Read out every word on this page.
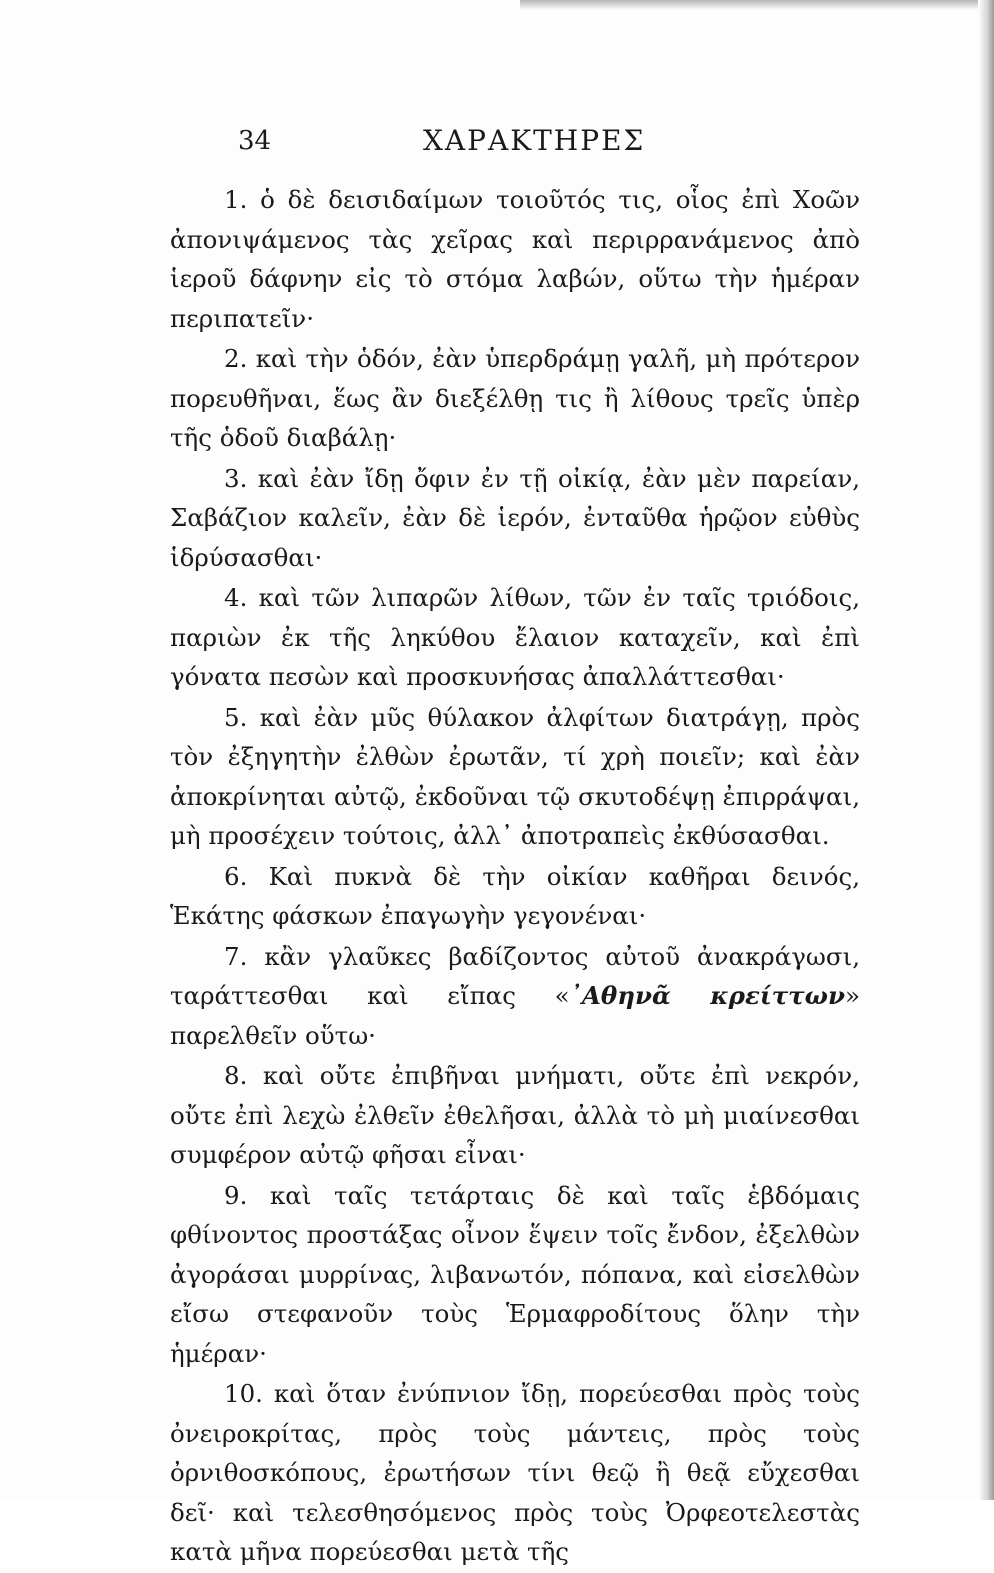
34	ΧΑΡΑΚΤΗΡΕΣ

1. ὁ δὲ δεισιδαίμων τοιοῦτός τις, οἷος ἐπὶ Χοῶν ἀπονιψάμενος τὰς χεῖρας καὶ περιρρανάμενος ἀπὸ ἱεροῦ δάφνην εἰς τὸ στόμα λαβών, οὕτω τὴν ἡμέραν περιπατεῖν·

2. καὶ τὴν ὁδόν, ἐὰν ὑπερδράμῃ γαλῆ, μὴ πρότερον πορευθῆναι, ἕως ἂν διεξέλθῃ τις ἢ λίθους τρεῖς ὑπὲρ τῆς ὁδοῦ διαβάλῃ·

3. καὶ ἐὰν ἴδῃ ὄφιν ἐν τῇ οἰκίᾳ, ἐὰν μὲν παρείαν, Σαβάζιον καλεῖν, ἐὰν δὲ ἱερόν, ἐνταῦθα ἡρῷον εὐθὺς ἱδρύσασθαι·

4. καὶ τῶν λιπαρῶν λίθων, τῶν ἐν ταῖς τριόδοις, παριὼν ἐκ τῆς ληκύθου ἔλαιον καταχεῖν, καὶ ἐπὶ γόνατα πεσὼν καὶ προσκυνήσας ἀπαλλάττεσθαι·

5. καὶ ἐὰν μῦς θύλακον ἀλφίτων διατράγῃ, πρὸς τὸν ἐξηγητὴν ἐλθὼν ἐρωτᾶν, τί χρὴ ποιεῖν; καὶ ἐὰν ἀποκρίνηται αὐτῷ, ἐκδοῦναι τῷ σκυτοδέψῃ ἐπιρράψαι, μὴ προσέχειν τούτοις, ἀλλ᾽ ἀποτραπεὶς ἐκθύσασθαι.

6. Καὶ πυκνὰ δὲ τὴν οἰκίαν καθῆραι δεινός, Ἑκάτης φάσκων ἐπαγωγὴν γεγονέναι·

7. κἂν γλαῦκες βαδίζοντος αὐτοῦ ἀνακράγωσι, ταράττεσθαι καὶ εἴπας «᾿Αθηνᾶ κρείττων» παρελθεῖν οὕτω·

8. καὶ οὔτε ἐπιβῆναι μνήματι, οὔτε ἐπὶ νεκρόν, οὔτε ἐπὶ λεχὼ ἐλθεῖν ἐθελῆσαι, ἀλλὰ τὸ μὴ μιαίνεσθαι συμφέρον αὐτῷ φῆσαι εἶναι·

9. καὶ ταῖς τετάρταις δὲ καὶ ταῖς ἑβδόμαις φθίνοντος προστάξας οἶνον ἕψειν τοῖς ἔνδον, ἐξελθὼν ἀγοράσαι μυρρίνας, λιβανωτόν, πόπανα, καὶ εἰσελθὼν εἴσω στεφανοῦν τοὺς Ἑρμαφροδίτους ὅλην τὴν ἡμέραν·

10. καὶ ὅταν ἐνύπνιον ἴδῃ, πορεύεσθαι πρὸς τοὺς ὀνειροκρίτας, πρὸς τοὺς μάντεις, πρὸς τοὺς ὀρνιθοσκόπους, ἐρωτήσων τίνι θεῷ ἢ θεᾷ εὔχεσθαι δεῖ· καὶ τελεσθησόμενος πρὸς τοὺς Ὀρφεοτελεστὰς κατὰ μῆνα πορεύεσθαι μετὰ τῆς
